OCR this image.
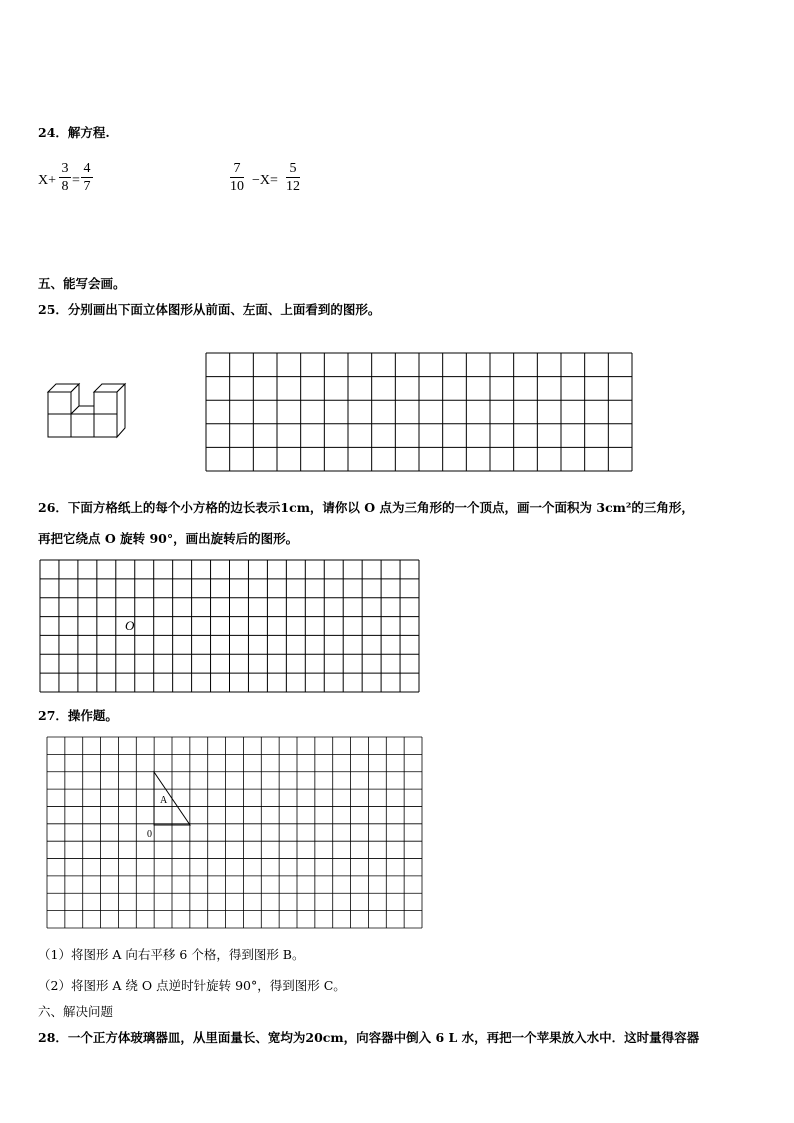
24．解方程.
X+
3
8 =
4
7
7
10 −X=
5
12
五、能写会画。
25．分别画出下面立体图形从前面、左面、上面看到的图形。
26．下面方格纸上的每个小方格的边长表示1cm，请你以 O 点为三角形的一个顶点，画一个面积为 3cm²的三角形，
再把它绕点 O 旋转 90°，画出旋转后的图形。
O
27．操作题。
A
0
（1）将图形 A 向右平移 6 个格，得到图形 B。
（2）将图形 A 绕 O 点逆时针旋转 90°，得到图形 C。
六、解决问题
28．一个正方体玻璃器皿，从里面量长、宽均为20cm，向容器中倒入 6 L 水，再把一个苹果放入水中．这时量得容器
